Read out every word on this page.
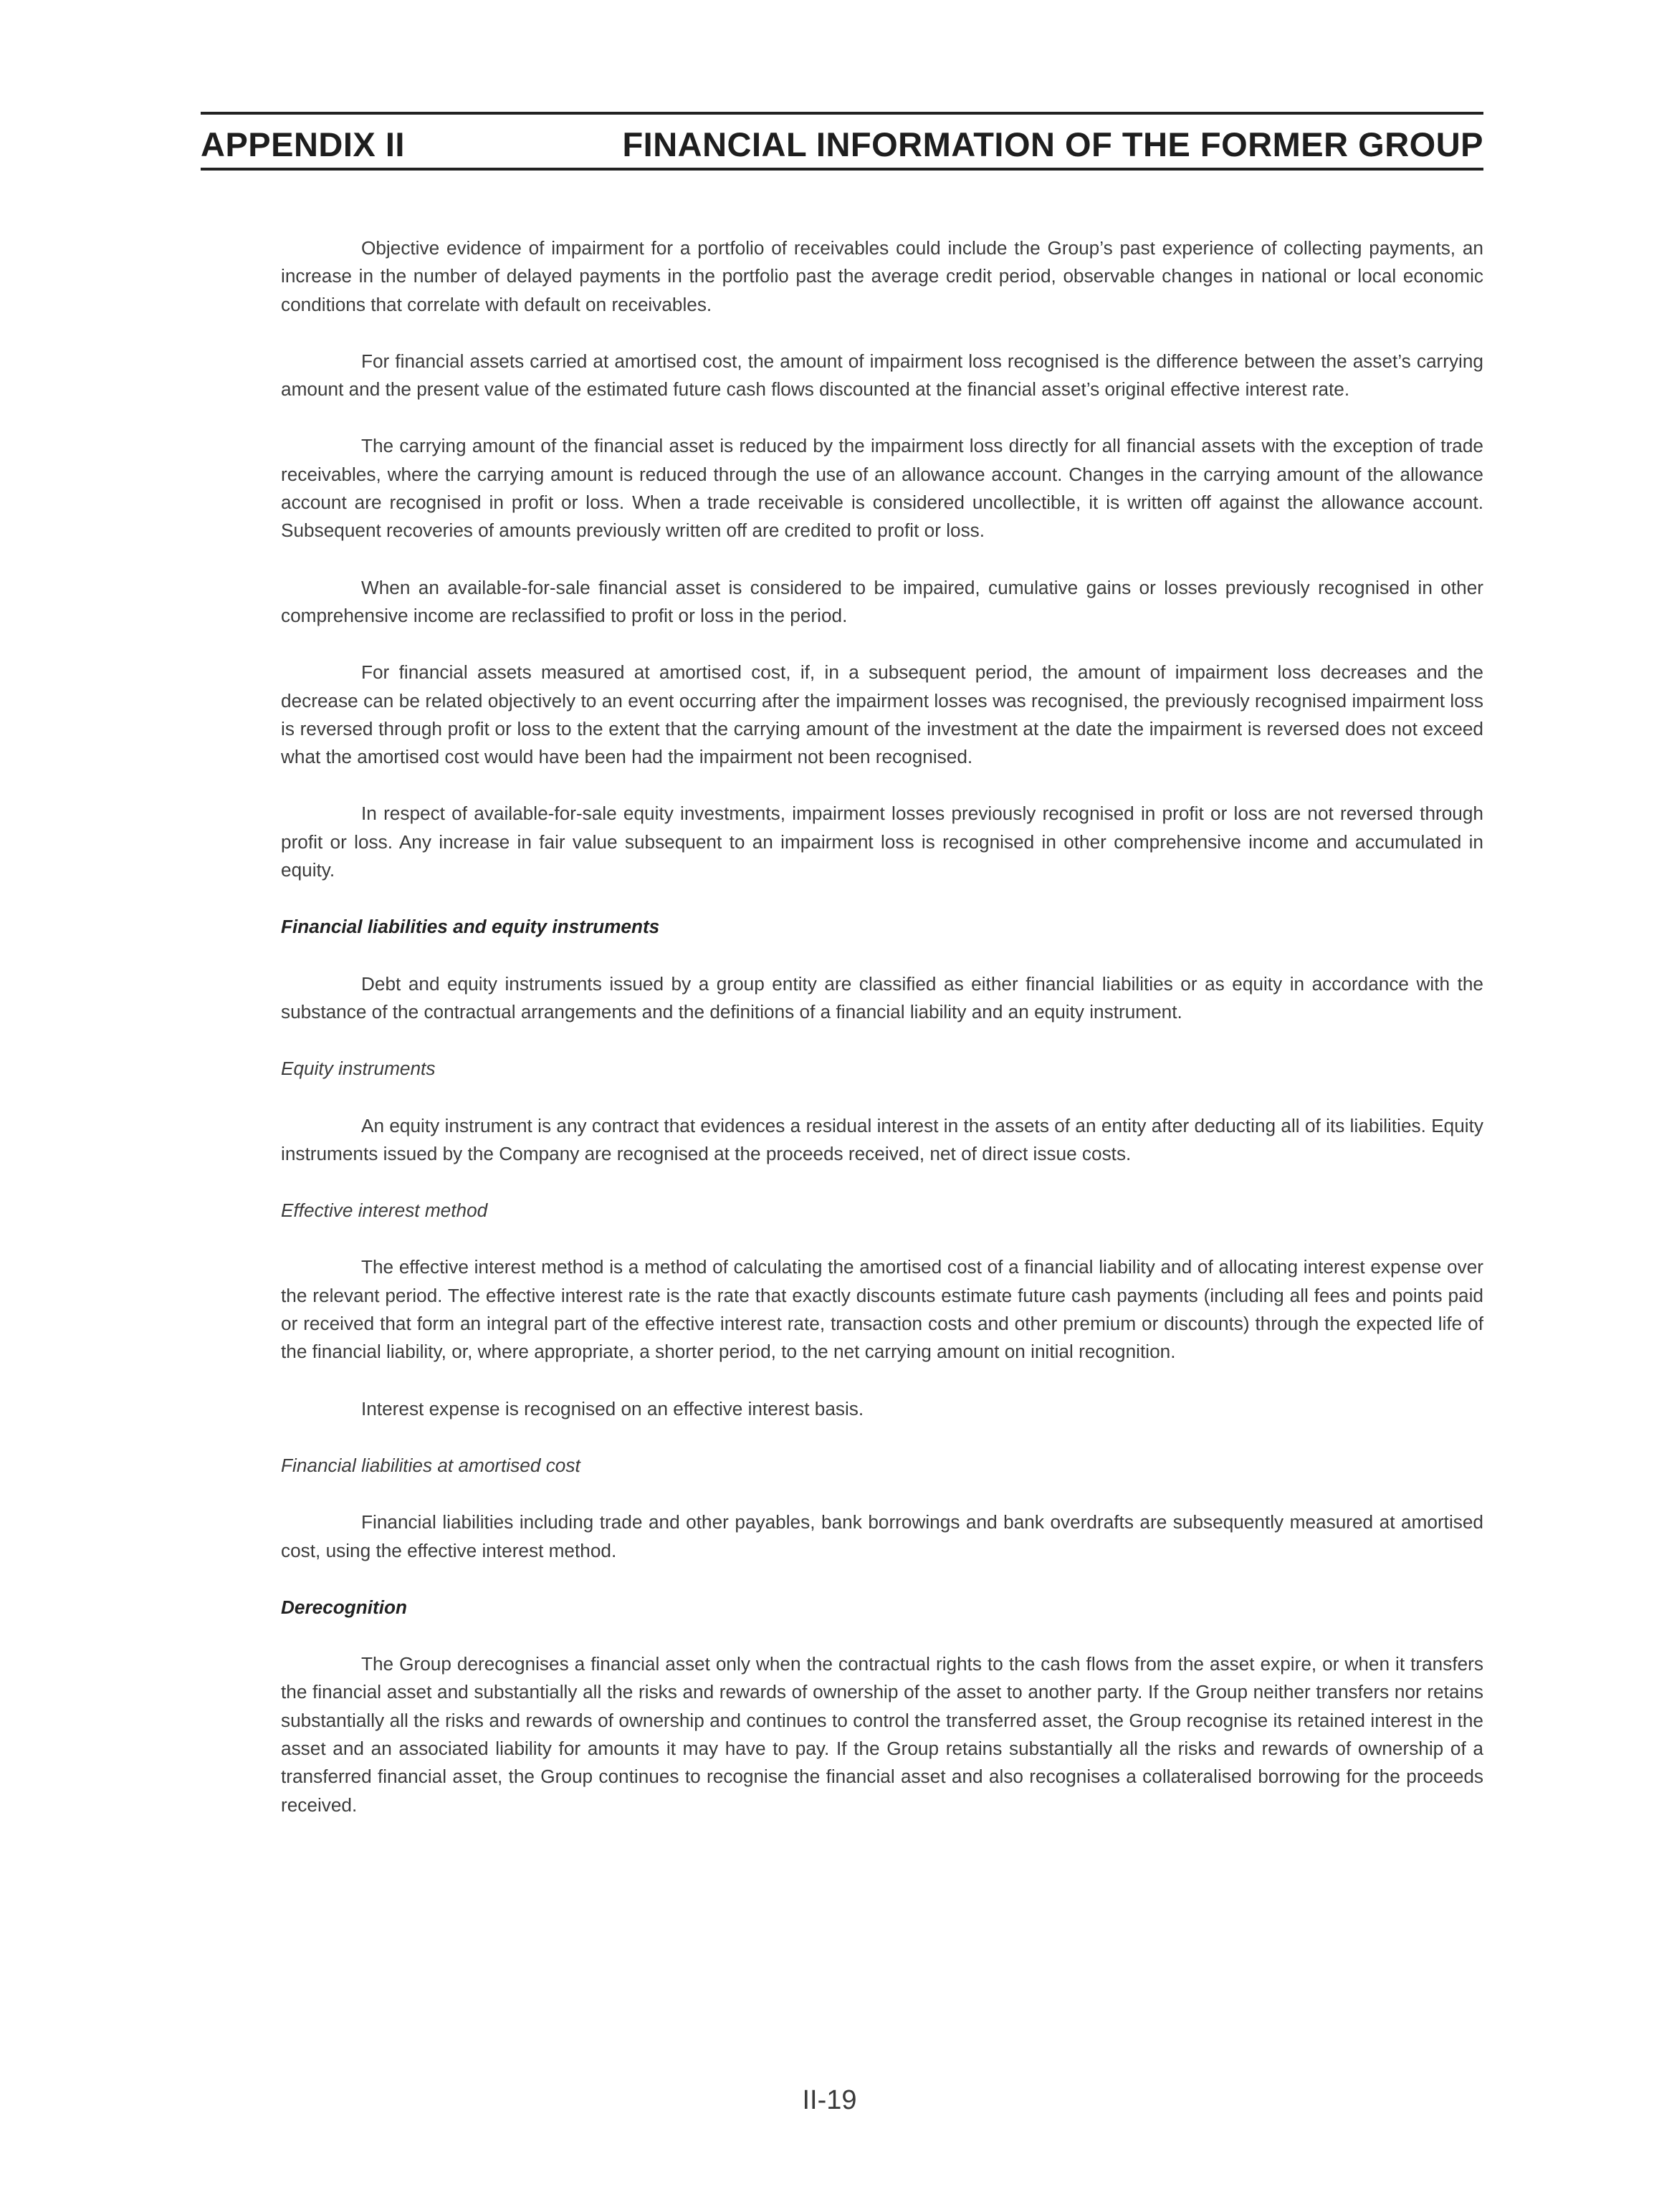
APPENDIX II	FINANCIAL INFORMATION OF THE FORMER GROUP

Objective evidence of impairment for a portfolio of receivables could include the Group’s past experience of collecting payments, an increase in the number of delayed payments in the portfolio past the average credit period, observable changes in national or local economic conditions that correlate with default on receivables.

For financial assets carried at amortised cost, the amount of impairment loss recognised is the difference between the asset’s carrying amount and the present value of the estimated future cash flows discounted at the financial asset’s original effective interest rate.

The carrying amount of the financial asset is reduced by the impairment loss directly for all financial assets with the exception of trade receivables, where the carrying amount is reduced through the use of an allowance account. Changes in the carrying amount of the allowance account are recognised in profit or loss. When a trade receivable is considered uncollectible, it is written off against the allowance account. Subsequent recoveries of amounts previously written off are credited to profit or loss.

When an available-for-sale financial asset is considered to be impaired, cumulative gains or losses previously recognised in other comprehensive income are reclassified to profit or loss in the period.

For financial assets measured at amortised cost, if, in a subsequent period, the amount of impairment loss decreases and the decrease can be related objectively to an event occurring after the impairment losses was recognised, the previously recognised impairment loss is reversed through profit or loss to the extent that the carrying amount of the investment at the date the impairment is reversed does not exceed what the amortised cost would have been had the impairment not been recognised.

In respect of available-for-sale equity investments, impairment losses previously recognised in profit or loss are not reversed through profit or loss. Any increase in fair value subsequent to an impairment loss is recognised in other comprehensive income and accumulated in equity.

Financial liabilities and equity instruments

Debt and equity instruments issued by a group entity are classified as either financial liabilities or as equity in accordance with the substance of the contractual arrangements and the definitions of a financial liability and an equity instrument.

Equity instruments

An equity instrument is any contract that evidences a residual interest in the assets of an entity after deducting all of its liabilities. Equity instruments issued by the Company are recognised at the proceeds received, net of direct issue costs.

Effective interest method

The effective interest method is a method of calculating the amortised cost of a financial liability and of allocating interest expense over the relevant period. The effective interest rate is the rate that exactly discounts estimate future cash payments (including all fees and points paid or received that form an integral part of the effective interest rate, transaction costs and other premium or discounts) through the expected life of the financial liability, or, where appropriate, a shorter period, to the net carrying amount on initial recognition.

Interest expense is recognised on an effective interest basis.

Financial liabilities at amortised cost

Financial liabilities including trade and other payables, bank borrowings and bank overdrafts are subsequently measured at amortised cost, using the effective interest method.

Derecognition

The Group derecognises a financial asset only when the contractual rights to the cash flows from the asset expire, or when it transfers the financial asset and substantially all the risks and rewards of ownership of the asset to another party. If the Group neither transfers nor retains substantially all the risks and rewards of ownership and continues to control the transferred asset, the Group recognise its retained interest in the asset and an associated liability for amounts it may have to pay. If the Group retains substantially all the risks and rewards of ownership of a transferred financial asset, the Group continues to recognise the financial asset and also recognises a collateralised borrowing for the proceeds received.

II-19
